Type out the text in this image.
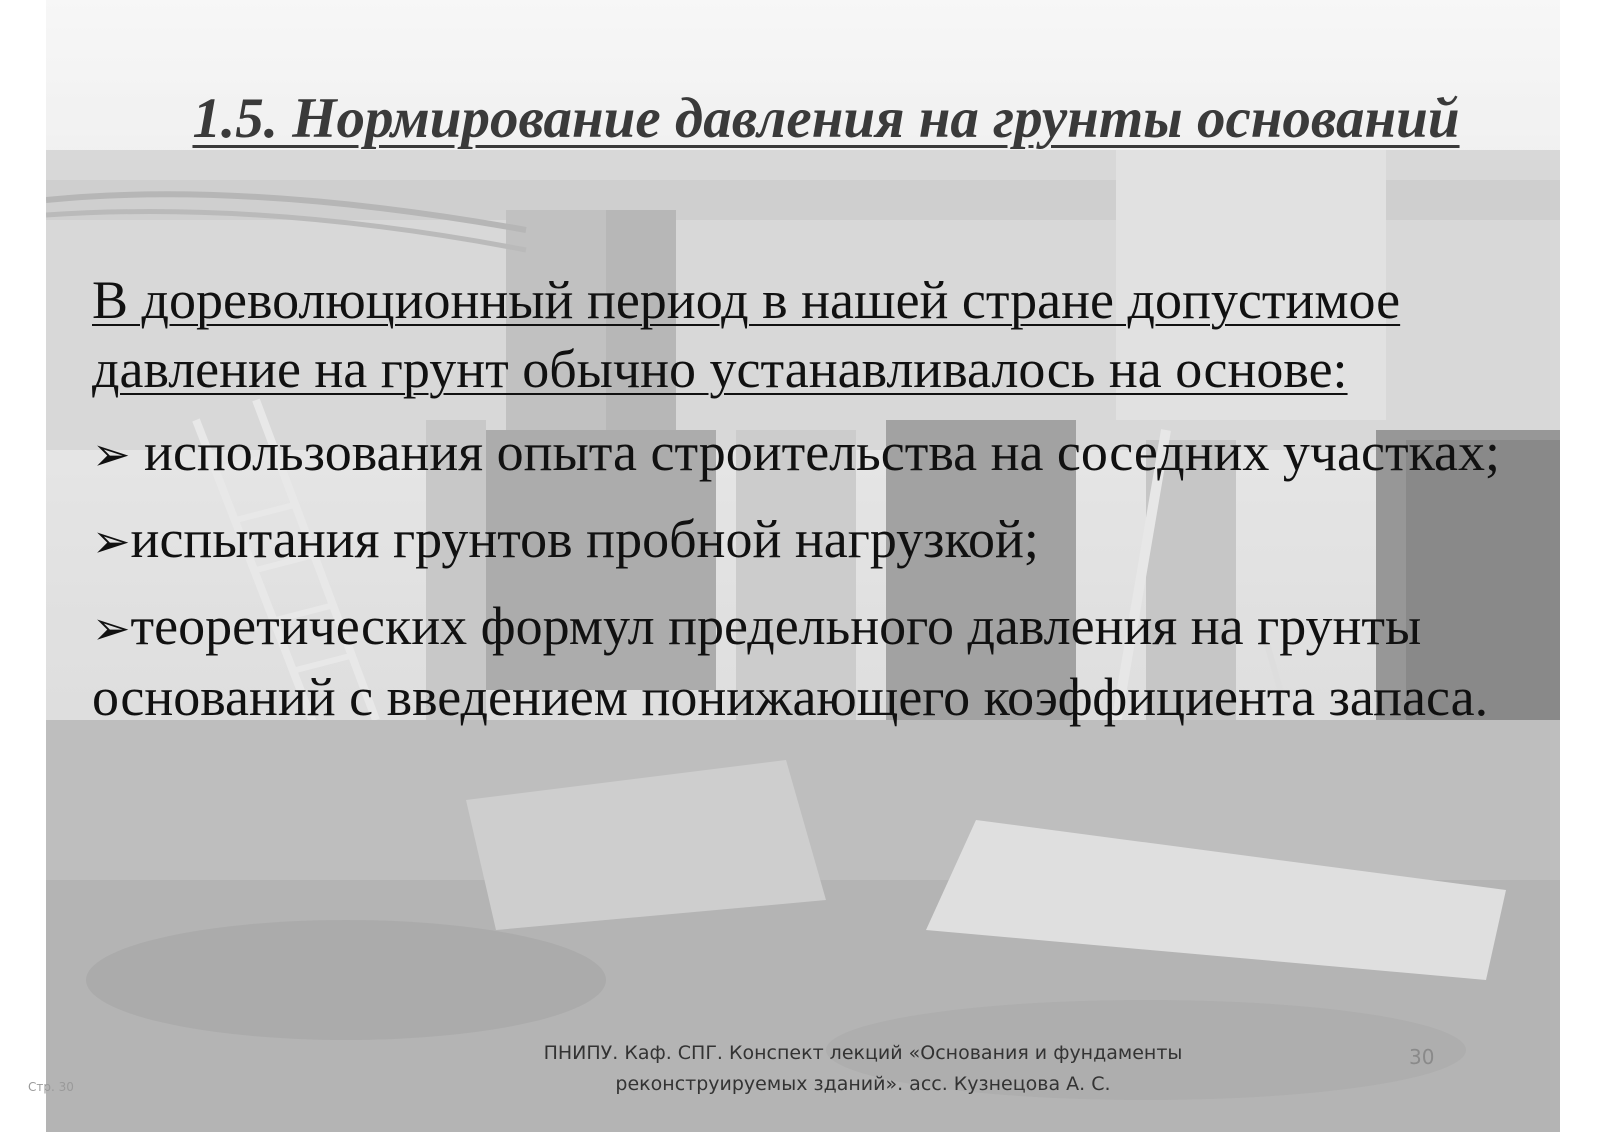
1.5. Нормирование давления на грунты оснований

В дореволюционный период в нашей стране допустимое давление на грунт обычно устанавливалось на основе:

➢ использования опыта строительства на соседних участках;

➢испытания грунтов пробной нагрузкой;

➢теоретических формул предельного давления на грунты оснований с введением понижающего коэффициента запаса.

ПНИПУ. Каф. СПГ. Конспект лекций «Основания и фундаменты
реконструируемых зданий». асс. Кузнецова А. С.
30
Стр. 30
